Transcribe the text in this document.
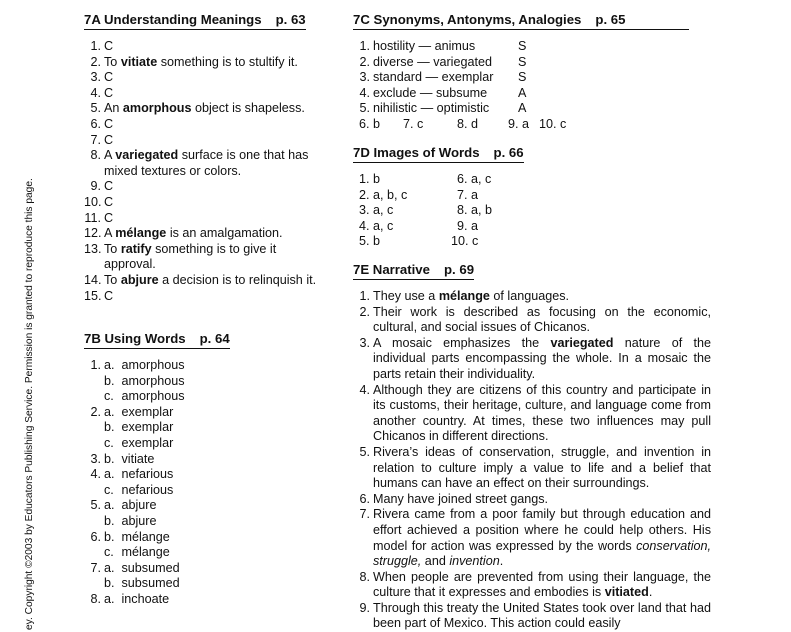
ey. Copyright ©2003 by Educators Publishing Service. Permission is granted to reproduce this page.
7A Understanding Meanings p. 63
1 . C
2 . To vitiate something is to stultify it.
3 . C
4 . C
5 . An amorphous object is shapeless.
6 . C
7 . C
8 . A variegated surface is one that has mixed textures or colors.
9 . C
10 . C
11 . C
12 . A mélange is an amalgamation.
13 . To ratify something is to give it approval.
14 . To abjure a decision is to relinquish it.
15 . C
7B Using Words p. 64
1 . a. amorphous
b. amorphous
c. amorphous
2 . a. exemplar
b. exemplar
c. exemplar
3 . b. vitiate
4 . a. nefarious
c. nefarious
5 . a. abjure
b. abjure
6 . b. mélange
c. mélange
7 . a. subsumed
b. subsumed
8 . a. inchoate
7C Synonyms, Antonyms, Analogies p. 65
1 . hostility — animus	S
2 . diverse — variegated S
3 . standard — exemplar S
4 . exclude — subsume A
5 . nihilistic — optimistic A
6. b 7. c	8. d 9. a 10. c
7D Images of Words p. 66
1. b
2. a, b, c
3. a, c
4. a, c
5. b
6. a, c
7. a
8. a, b
9. a
10. c
7E Narrative p. 69
1 . They use a mélange of languages.
2 . Their work is described as focusing on the economic, cultural, and social issues of Chicanos.
3 . A mosaic emphasizes the variegated nature of the individual parts encompassing the whole. In a mosaic the parts retain their individuality.
4 . Although they are citizens of this country and participate in its customs, their heritage, culture, and language come from another country. At times, these two influences may pull Chicanos in different directions.
5 . Rivera’s ideas of conservation, struggle, and invention in relation to culture imply a value to life and a belief that humans can have an effect on their surroundings.
6 . Many have joined street gangs.
7 . Rivera came from a poor family but through education and effort achieved a position where he could help others. His model for action was expressed by the words conservation, struggle, and invention.
8 . When people are prevented from using their language, the culture that it expresses and embodies is vitiated.
9 . Through this treaty the United States took over land that had been part of Mexico. This action could easily
